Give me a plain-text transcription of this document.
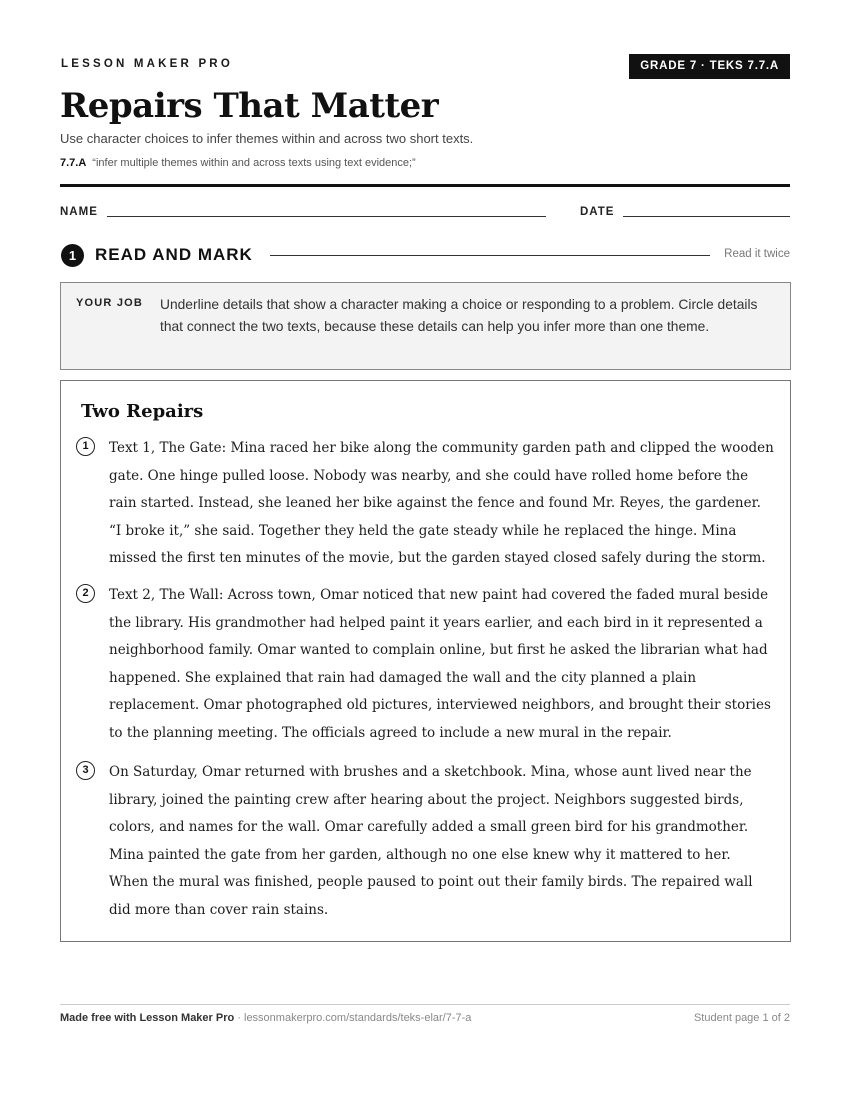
LESSON MAKER PRO	GRADE 7 · TEKS 7.7.A
Repairs That Matter
Use character choices to infer themes within and across two short texts.
7.7.A “infer multiple themes within and across texts using text evidence;”
NAME	DATE
1	READ AND MARK	Read it twice
YOUR JOB Underline details that show a character making a choice or responding to a problem. Circle details that connect the two texts, because these details can help you infer more than one theme.
Two Repairs
1	Text 1, The Gate: Mina raced her bike along the community garden path and clipped the wooden gate. One hinge pulled loose. Nobody was nearby, and she could have rolled home before the rain started. Instead, she leaned her bike against the fence and found Mr. Reyes, the gardener. “I broke it,” she said. Together they held the gate steady while he replaced the hinge. Mina missed the first ten minutes of the movie, but the garden stayed closed safely during the storm.
2	Text 2, The Wall: Across town, Omar noticed that new paint had covered the faded mural beside the library. His grandmother had helped paint it years earlier, and each bird in it represented a neighborhood family. Omar wanted to complain online, but first he asked the librarian what had happened. She explained that rain had damaged the wall and the city planned a plain replacement. Omar photographed old pictures, interviewed neighbors, and brought their stories to the planning meeting. The officials agreed to include a new mural in the repair.
3	On Saturday, Omar returned with brushes and a sketchbook. Mina, whose aunt lived near the library, joined the painting crew after hearing about the project. Neighbors suggested birds, colors, and names for the wall. Omar carefully added a small green bird for his grandmother. Mina painted the gate from her garden, although no one else knew why it mattered to her. When the mural was finished, people paused to point out their family birds. The repaired wall did more than cover rain stains.
Made free with Lesson Maker Pro · lessonmakerpro.com/standards/teks-elar/7-7-a	Student page 1 of 2
